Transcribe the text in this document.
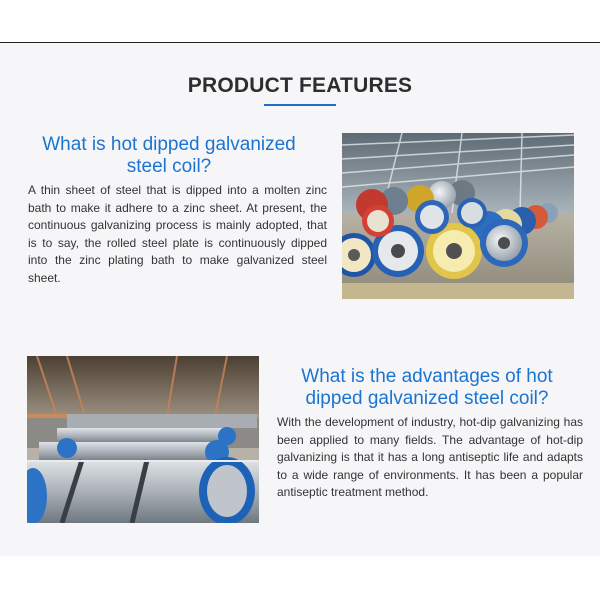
PRODUCT FEATURES
What is hot dipped galvanized
steel coil?

A thin sheet of steel that is dipped into a molten zinc bath to make it adhere to a zinc sheet. At present, the continuous galvanizing process is mainly adopted, that is to say, the rolled steel plate is continuously dipped into the zinc plating bath to make galvanized steel sheet.

What is the advantages of hot
dipped galvanized steel coil?

With the development of industry, hot-dip galvanizing has been applied to many fields. The advantage of hot-dip galvanizing is that it has a long antiseptic life and adapts to a wide range of environments. It has been a popular antiseptic treatment method.
